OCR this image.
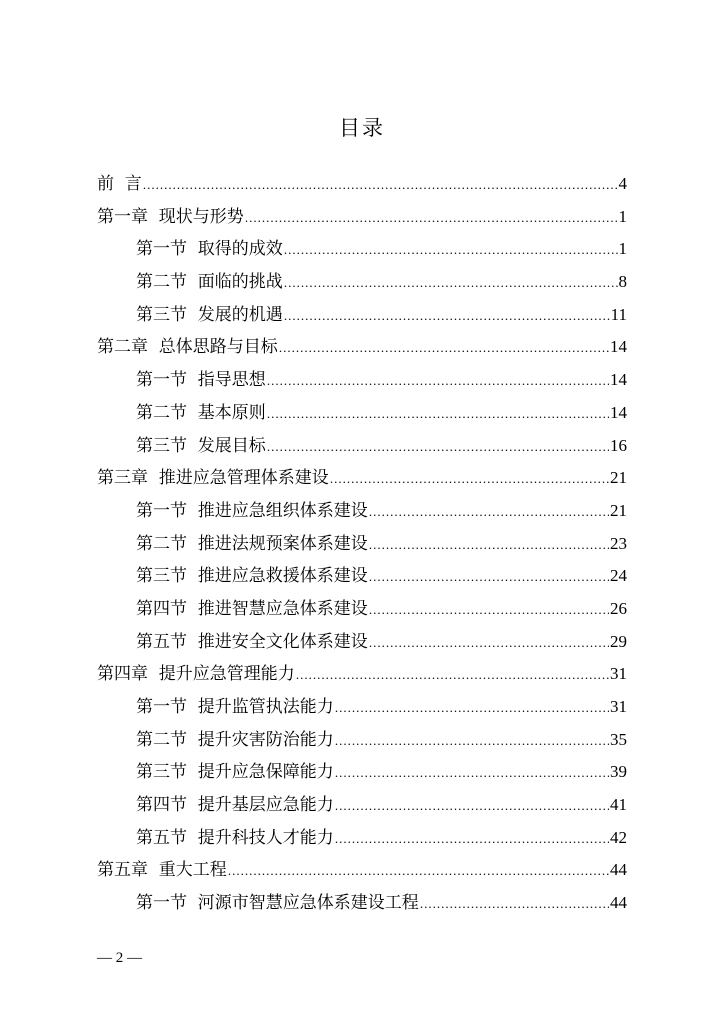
目录
前  言 .....	4
第一章  现状与形势 .....	1
第一节  取得的成效 .....	1
第二节  面临的挑战 .....	8
第三节  发展的机遇 .....	11
第二章  总体思路与目标 .....	14
第一节  指导思想 .....	14
第二节  基本原则 .....	14
第三节  发展目标 .....	16
第三章  推进应急管理体系建设 .....	21
第一节  推进应急组织体系建设 .....	21
第二节  推进法规预案体系建设 .....	23
第三节  推进应急救援体系建设 .....	24
第四节  推进智慧应急体系建设 .....	26
第五节  推进安全文化体系建设 .....	29
第四章  提升应急管理能力 .....	31
第一节  提升监管执法能力 .....	31
第二节  提升灾害防治能力 .....	35
第三节  提升应急保障能力 .....	39
第四节  提升基层应急能力 .....	41
第五节  提升科技人才能力 .....	42
第五章  重大工程 .....	44
第一节  河源市智慧应急体系建设工程 .....	44
— 2 —
